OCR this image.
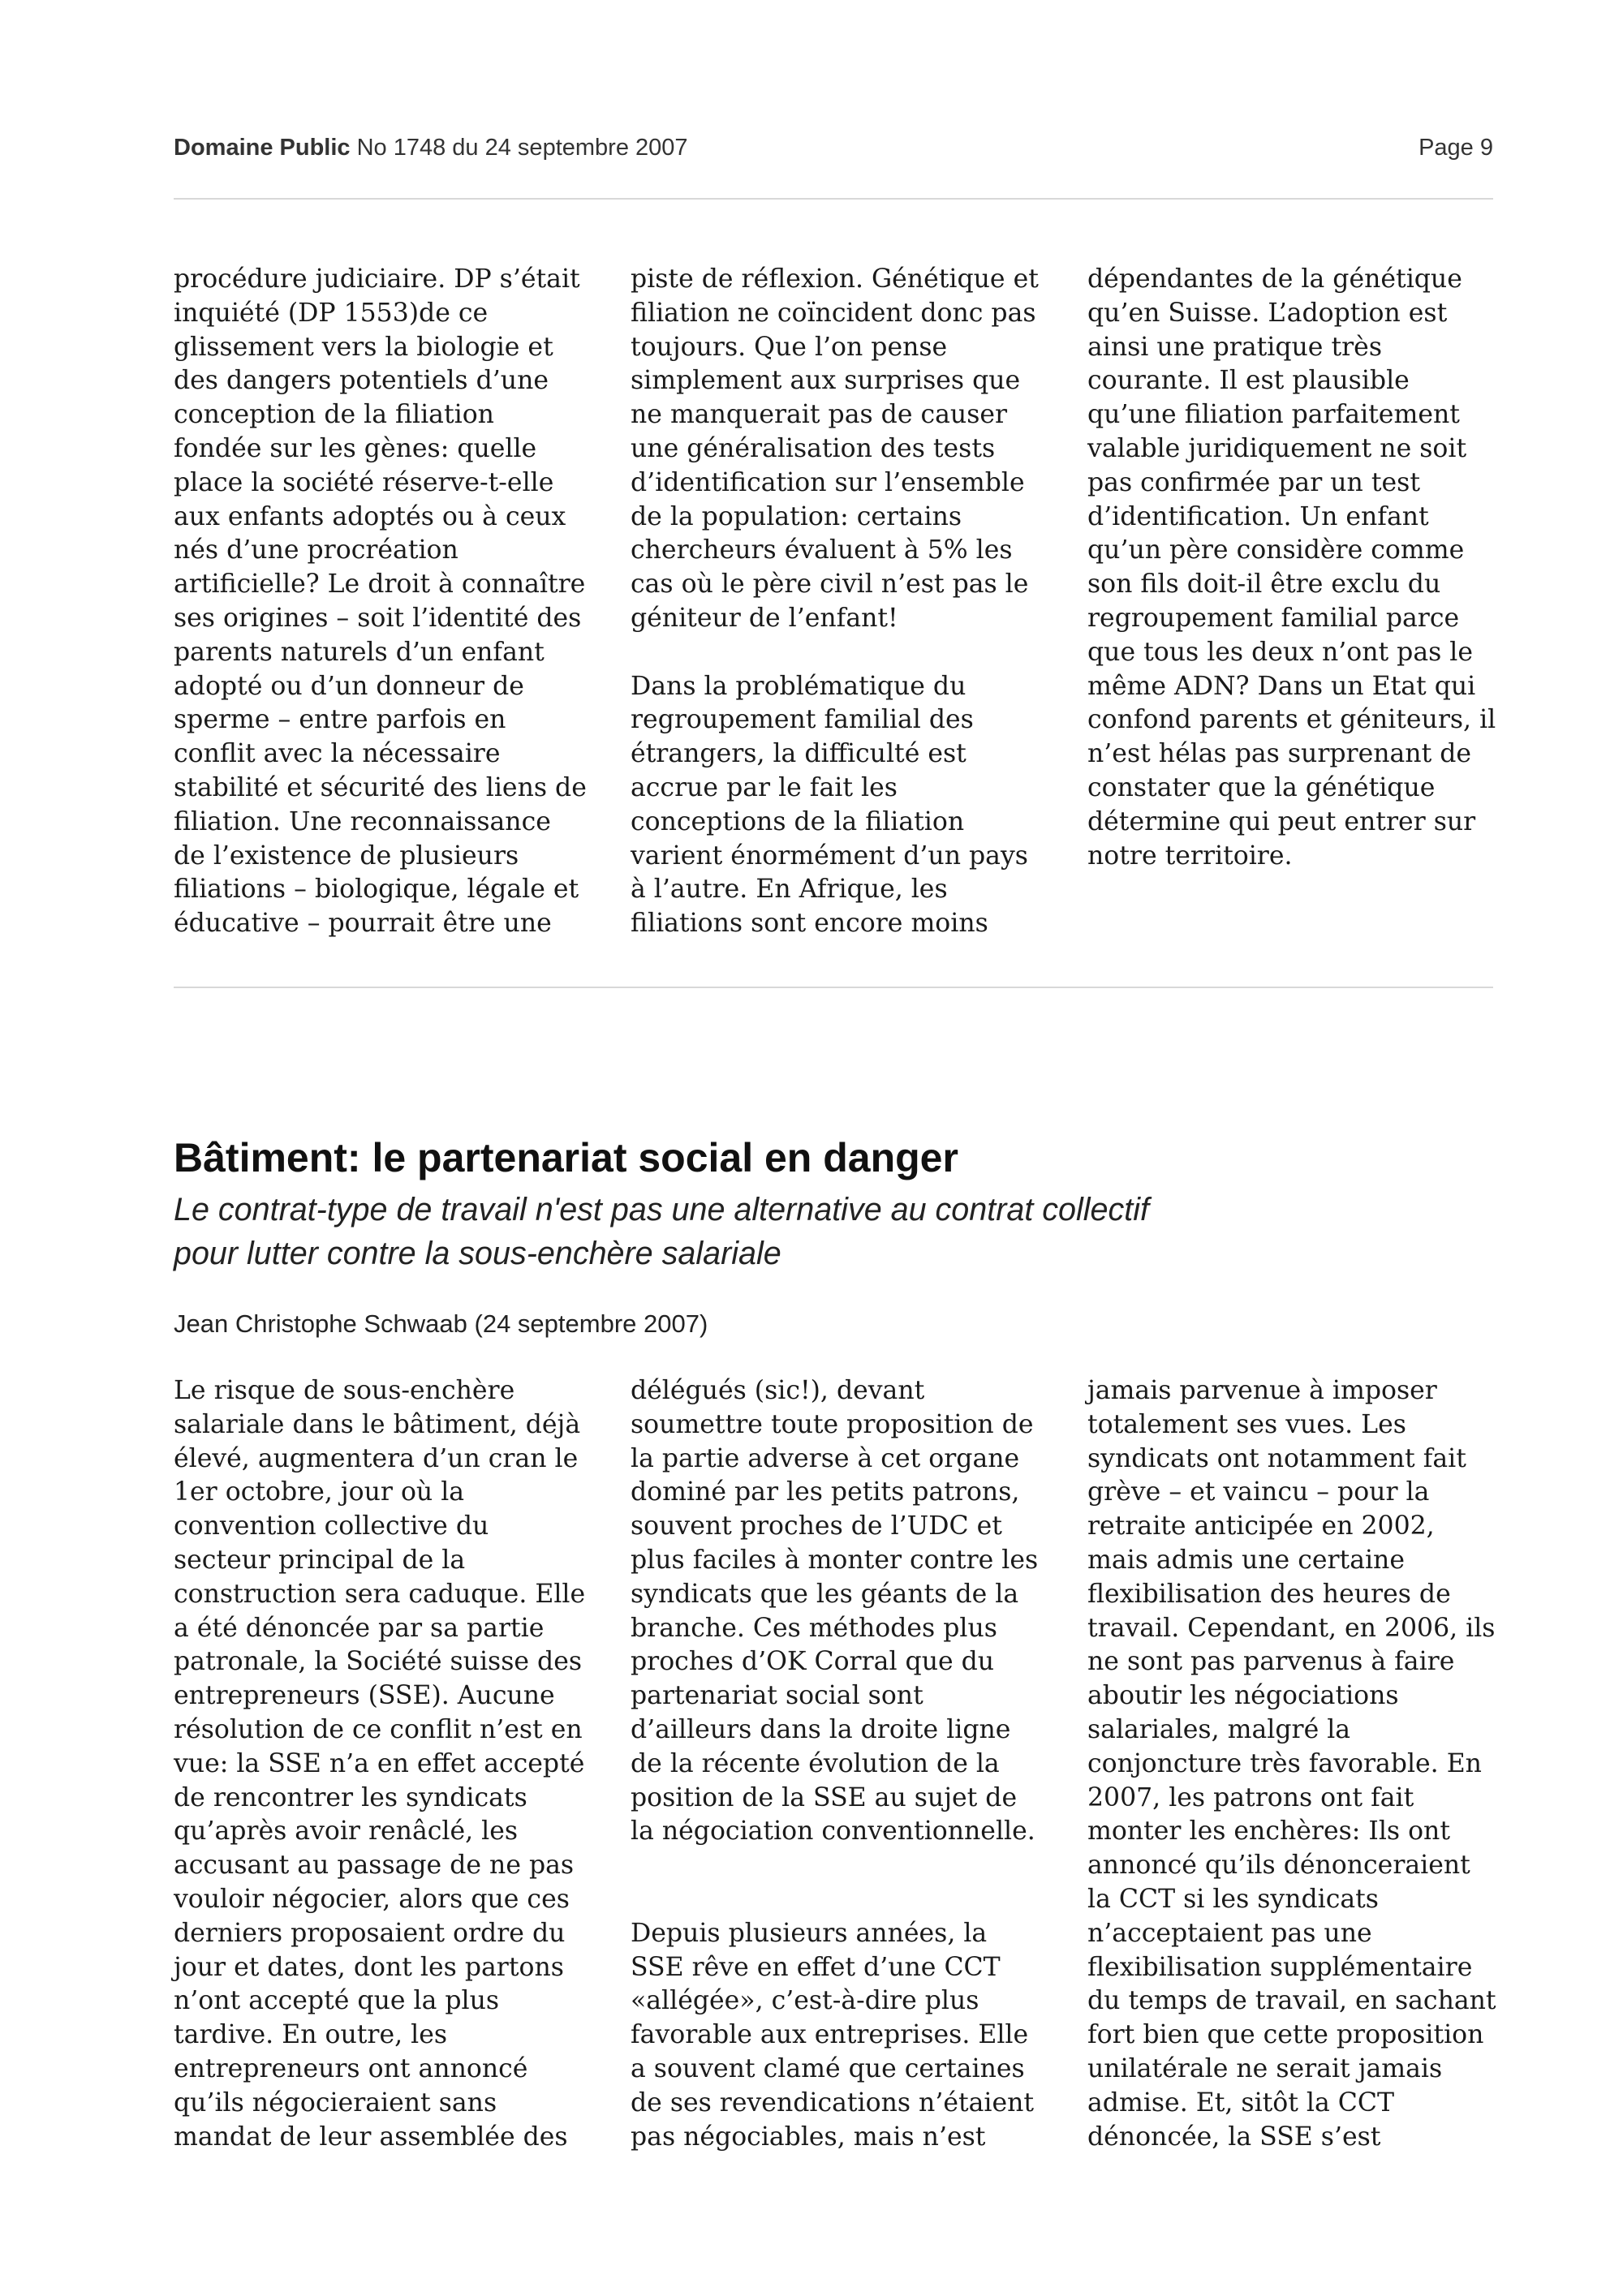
Domaine Public No 1748 du 24 septembre 2007	Page 9

procédure judiciaire. DP s’était
inquiété (DP 1553)de ce
glissement vers la biologie et
des dangers potentiels d’une
conception de la filiation
fondée sur les gènes: quelle
place la société réserve-t-elle
aux enfants adoptés ou à ceux
nés d’une procréation
artificielle? Le droit à connaître
ses origines – soit l’identité des
parents naturels d’un enfant
adopté ou d’un donneur de
sperme – entre parfois en
conflit avec la nécessaire
stabilité et sécurité des liens de
filiation. Une reconnaissance
de l’existence de plusieurs
filiations – biologique, légale et
éducative – pourrait être une

piste de réflexion. Génétique et
filiation ne coïncident donc pas
toujours. Que l’on pense
simplement aux surprises que
ne manquerait pas de causer
une généralisation des tests
d’identification sur l’ensemble
de la population: certains
chercheurs évaluent à 5% les
cas où le père civil n’est pas le
géniteur de l’enfant!

Dans la problématique du
regroupement familial des
étrangers, la difficulté est
accrue par le fait les
conceptions de la filiation
varient énormément d’un pays
à l’autre. En Afrique, les
filiations sont encore moins

dépendantes de la génétique
qu’en Suisse. L’adoption est
ainsi une pratique très
courante. Il est plausible
qu’une filiation parfaitement
valable juridiquement ne soit
pas confirmée par un test
d’identification. Un enfant
qu’un père considère comme
son fils doit-il être exclu du
regroupement familial parce
que tous les deux n’ont pas le
même ADN? Dans un Etat qui
confond parents et géniteurs, il
n’est hélas pas surprenant de
constater que la génétique
détermine qui peut entrer sur
notre territoire.

Bâtiment: le partenariat social en danger
Le contrat-type de travail n'est pas une alternative au contrat collectif
pour lutter contre la sous-enchère salariale
Jean Christophe Schwaab (24 septembre 2007)

Le risque de sous-enchère
salariale dans le bâtiment, déjà
élevé, augmentera d’un cran le
1er octobre, jour où la
convention collective du
secteur principal de la
construction sera caduque. Elle
a été dénoncée par sa partie
patronale, la Société suisse des
entrepreneurs (SSE). Aucune
résolution de ce conflit n’est en
vue: la SSE n’a en effet accepté
de rencontrer les syndicats
qu’après avoir renâclé, les
accusant au passage de ne pas
vouloir négocier, alors que ces
derniers proposaient ordre du
jour et dates, dont les partons
n’ont accepté que la plus
tardive. En outre, les
entrepreneurs ont annoncé
qu’ils négocieraient sans
mandat de leur assemblée des

délégués (sic!), devant
soumettre toute proposition de
la partie adverse à cet organe
dominé par les petits patrons,
souvent proches de l’UDC et
plus faciles à monter contre les
syndicats que les géants de la
branche. Ces méthodes plus
proches d’OK Corral que du
partenariat social sont
d’ailleurs dans la droite ligne
de la récente évolution de la
position de la SSE au sujet de
la négociation conventionnelle.

Depuis plusieurs années, la
SSE rêve en effet d’une CCT
«allégée», c’est-à-dire plus
favorable aux entreprises. Elle
a souvent clamé que certaines
de ses revendications n’étaient
pas négociables, mais n’est

jamais parvenue à imposer
totalement ses vues. Les
syndicats ont notamment fait
grève – et vaincu – pour la
retraite anticipée en 2002,
mais admis une certaine
flexibilisation des heures de
travail. Cependant, en 2006, ils
ne sont pas parvenus à faire
aboutir les négociations
salariales, malgré la
conjoncture très favorable. En
2007, les patrons ont fait
monter les enchères: Ils ont
annoncé qu’ils dénonceraient
la CCT si les syndicats
n’acceptaient pas une
flexibilisation supplémentaire
du temps de travail, en sachant
fort bien que cette proposition
unilatérale ne serait jamais
admise. Et, sitôt la CCT
dénoncée, la SSE s’est
